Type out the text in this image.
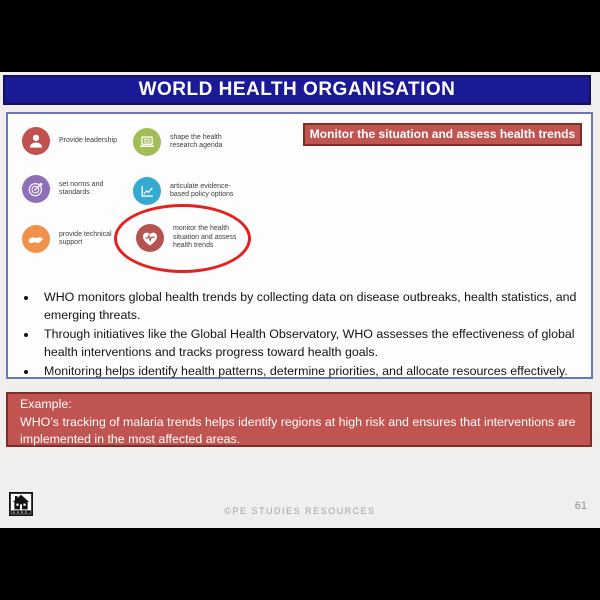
WORLD HEALTH ORGANISATION
Provide leadership	shape the health research agenda
set norms and standards
articulate evidence- based policy options
provide technical support
monitor the health situation and assess health trends
Monitor the situation and assess health trends
• WHO monitors global health trends by collecting data on disease outbreaks, health statistics, and emerging threats.
• Through initiatives like the Global Health Observatory, WHO assesses the effectiveness of global health interventions and tracks progress toward health goals.
• Monitoring helps identify health patterns, determine priorities, and allocate resources effectively.
Example:
WHO’s tracking of malaria trends helps identify regions at high risk and ensures that interventions are implemented in the most affected areas.
©PE STUDIES RESOURCES	61
